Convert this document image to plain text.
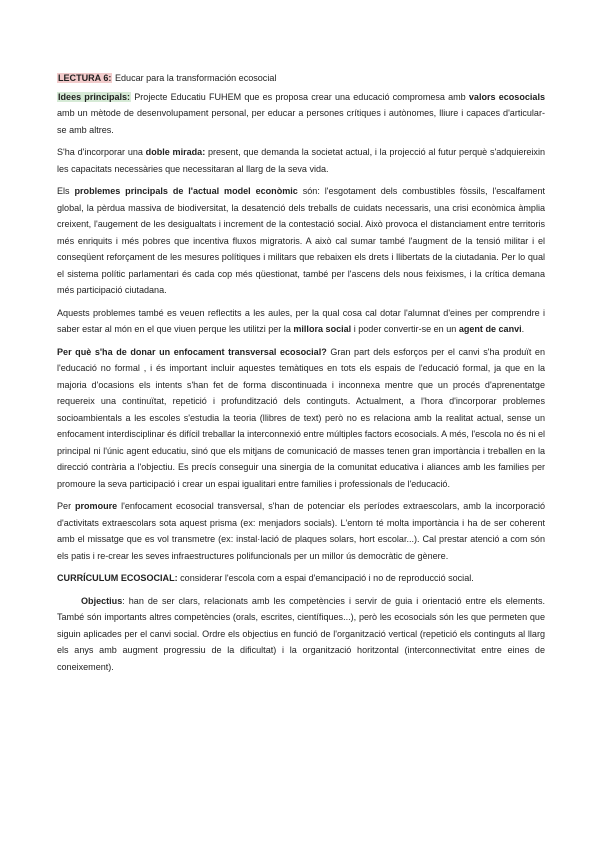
LECTURA 6: Educar para la transformación ecosocial

Idees principals: Projecte Educatiu FUHEM que es proposa crear una educació compromesa amb valors ecosocials amb un mètode de desenvolupament personal, per educar a persones crítiques i autònomes, lliure i capaces d'articular-se amb altres.

S'ha d'incorporar una doble mirada: present, que demanda la societat actual, i la projecció al futur perquè s'adquiereixin les capacitats necessàries que necessitaran al llarg de la seva vida.

Els problemes principals de l'actual model econòmic són: l'esgotament dels combustibles fòssils, l'escalfament global, la pèrdua massiva de biodiversitat, la desatenció dels treballs de cuidats necessaris, una crisi econòmica àmplia creixent, l'augement de les desigualtats i increment de la contestació social. Això provoca el distanciament entre territoris més enriquits i més pobres que incentiva fluxos migratoris. A això cal sumar també l'augment de la tensió militar i el conseqüent reforçament de les mesures polítiques i militars que rebaixen els drets i llibertats de la ciutadania. Per lo qual el sistema polític parlamentari és cada cop més qüestionat, també per l'ascens dels nous feixismes, i la crítica demana més participació ciutadana.

Aquests problemes també es veuen reflectits a les aules, per la qual cosa cal dotar l'alumnat d'eines per comprendre i saber estar al món en el que viuen perque les utilitzi per la millora social i poder convertir-se en un agent de canvi.

Per què s'ha de donar un enfocament transversal ecosocial? Gran part dels esforços per el canvi s'ha produït en l'educació no formal , i és important incluir aquestes temàtiques en tots els espais de l'educació formal, ja que en la majoria d'ocasions els intents s'han fet de forma discontinuada i inconnexa mentre que un procés d'aprenentatge requereix una continuïtat, repetició i profundització dels continguts. Actualment, a l'hora d'incorporar problemes socioambientals a les escoles s'estudia la teoria (llibres de text) però no es relaciona amb la realitat actual, sense un enfocament interdisciplinar és difícil treballar la interconnexió entre múltiples factors ecosocials. A més, l'escola no és ni el principal ni l'únic agent educatiu, sinó que els mitjans de comunicació de masses tenen gran importància i treballen en la direcció contrària a l'objectiu. Es precís conseguir una sinergia de la comunitat educativa i aliances amb les families per promoure la seva participació i crear un espai igualitari entre families i professionals de l'educació.

Per promoure l'enfocament ecosocial transversal, s'han de potenciar els períodes extraescolars, amb la incorporació d'activitats extraescolars sota aquest prisma (ex: menjadors socials). L'entorn té molta importància i ha de ser coherent amb el missatge que es vol transmetre (ex: instal·lació de plaques solars, hort escolar...). Cal prestar atenció a com són els patis i re-crear les seves infraestructures polifuncionals per un millor ús democràtic de gènere.

CURRÍCULUM ECOSOCIAL: considerar l'escola com a espai d'emancipació i no de reproducció social.

Objectius: han de ser clars, relacionats amb les competències i servir de guia i orientació entre els elements. També són importants altres competències (orals, escrites, científiques...), però les ecosocials són les que permeten que siguin aplicades per el canvi social. Ordre els objectius en funció de l'organització vertical (repetició els continguts al llarg els anys amb augment progressiu de la dificultat) i la organització horitzontal (interconnectivitat entre eines de coneixement).
